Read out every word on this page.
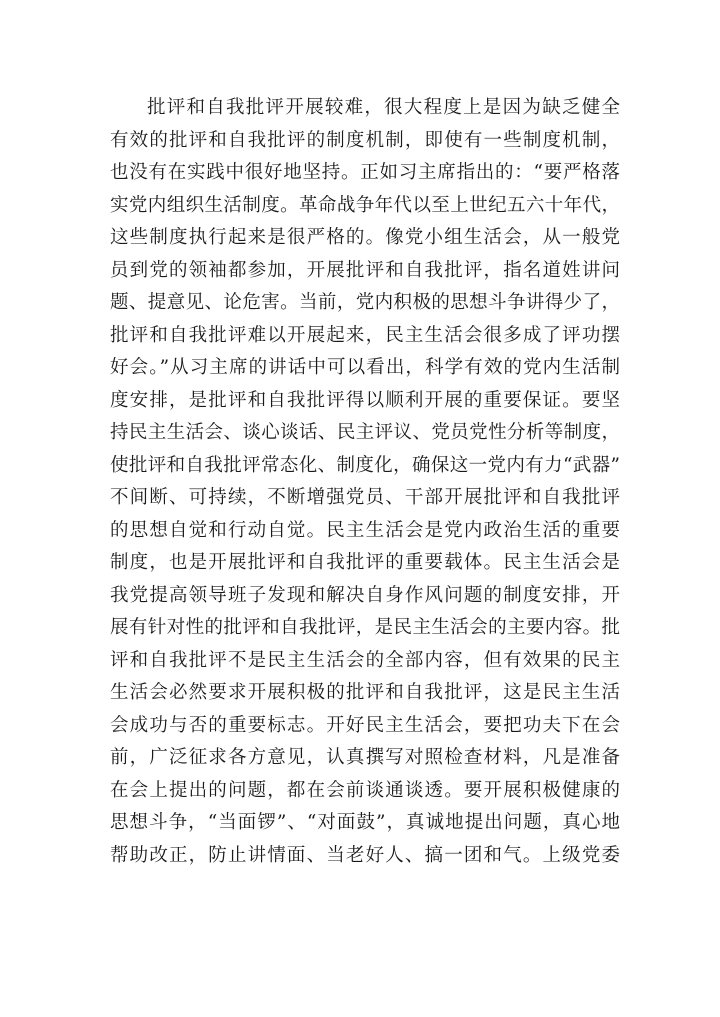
批评和自我批评开展较难，很大程度上是因为缺乏健全
有效的批评和自我批评的制度机制，即使有一些制度机制，
也没有在实践中很好地坚持。正如习主席指出的：“要严格落
实党内组织生活制度。革命战争年代以至上世纪五六十年代，
这些制度执行起来是很严格的。像党小组生活会，从一般党
员到党的领袖都参加，开展批评和自我批评，指名道姓讲问
题、提意见、论危害。当前，党内积极的思想斗争讲得少了，
批评和自我批评难以开展起来，民主生活会很多成了评功摆
好会。”从习主席的讲话中可以看出，科学有效的党内生活制
度安排，是批评和自我批评得以顺利开展的重要保证。要坚
持民主生活会、谈心谈话、民主评议、党员党性分析等制度，
使批评和自我批评常态化、制度化，确保这一党内有力“武器”
不间断、可持续，不断增强党员、干部开展批评和自我批评
的思想自觉和行动自觉。民主生活会是党内政治生活的重要
制度，也是开展批评和自我批评的重要载体。民主生活会是
我党提高领导班子发现和解决自身作风问题的制度安排，开
展有针对性的批评和自我批评，是民主生活会的主要内容。批
评和自我批评不是民主生活会的全部内容，但有效果的民主
生活会必然要求开展积极的批评和自我批评，这是民主生活
会成功与否的重要标志。开好民主生活会，要把功夫下在会
前，广泛征求各方意见，认真撰写对照检查材料，凡是准备
在会上提出的问题，都在会前谈通谈透。要开展积极健康的
思想斗争，“当面锣”、“对面鼓”，真诚地提出问题，真心地
帮助改正，防止讲情面、当老好人、搞一团和气。上级党委
